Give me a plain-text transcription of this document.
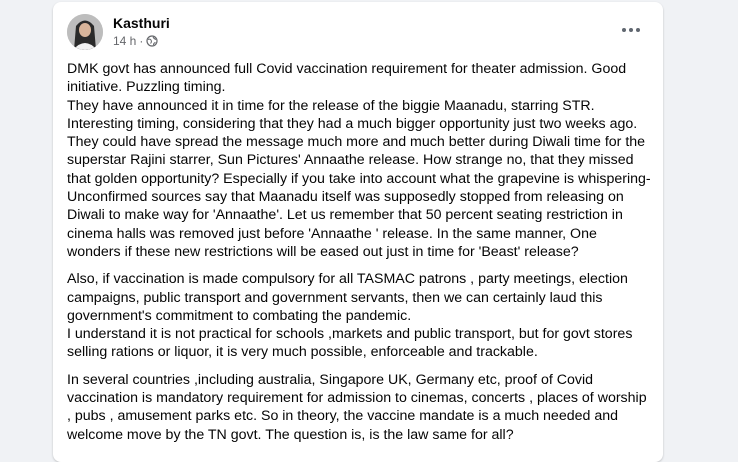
Kasthuri
14 h ·

DMK govt has announced full Covid vaccination requirement for theater admission. Good initiative. Puzzling timing.

They have announced it in time for the release of the biggie Maanadu, starring STR. Interesting timing, considering that they had a much bigger opportunity just two weeks ago. They could have spread the message much more and much better during Diwali time for the superstar Rajini starrer, Sun Pictures' Annaathe release. How strange no, that they missed that golden opportunity? Especially if you take into account what the grapevine is whispering-Unconfirmed sources say that Maanadu itself was supposedly stopped from releasing on Diwali to make way for 'Annaathe'. Let us remember that 50 percent seating restriction in cinema halls was removed just before 'Annaathe ' release. In the same manner, One wonders if these new restrictions will be eased out just in time for 'Beast' release?

Also, if vaccination is made compulsory for all TASMAC patrons , party meetings, election campaigns, public transport and government servants, then we can certainly laud this government's commitment to combating the pandemic.

I understand it is not practical for schools ,markets and public transport, but for govt stores selling rations or liquor, it is very much possible, enforceable and trackable.

In several countries ,including australia, Singapore UK, Germany etc, proof of Covid vaccination is mandatory requirement for admission to cinemas, concerts , places of worship , pubs , amusement parks etc. So in theory, the vaccine mandate is a much needed and welcome move by the TN govt. The question is, is the law same for all?
